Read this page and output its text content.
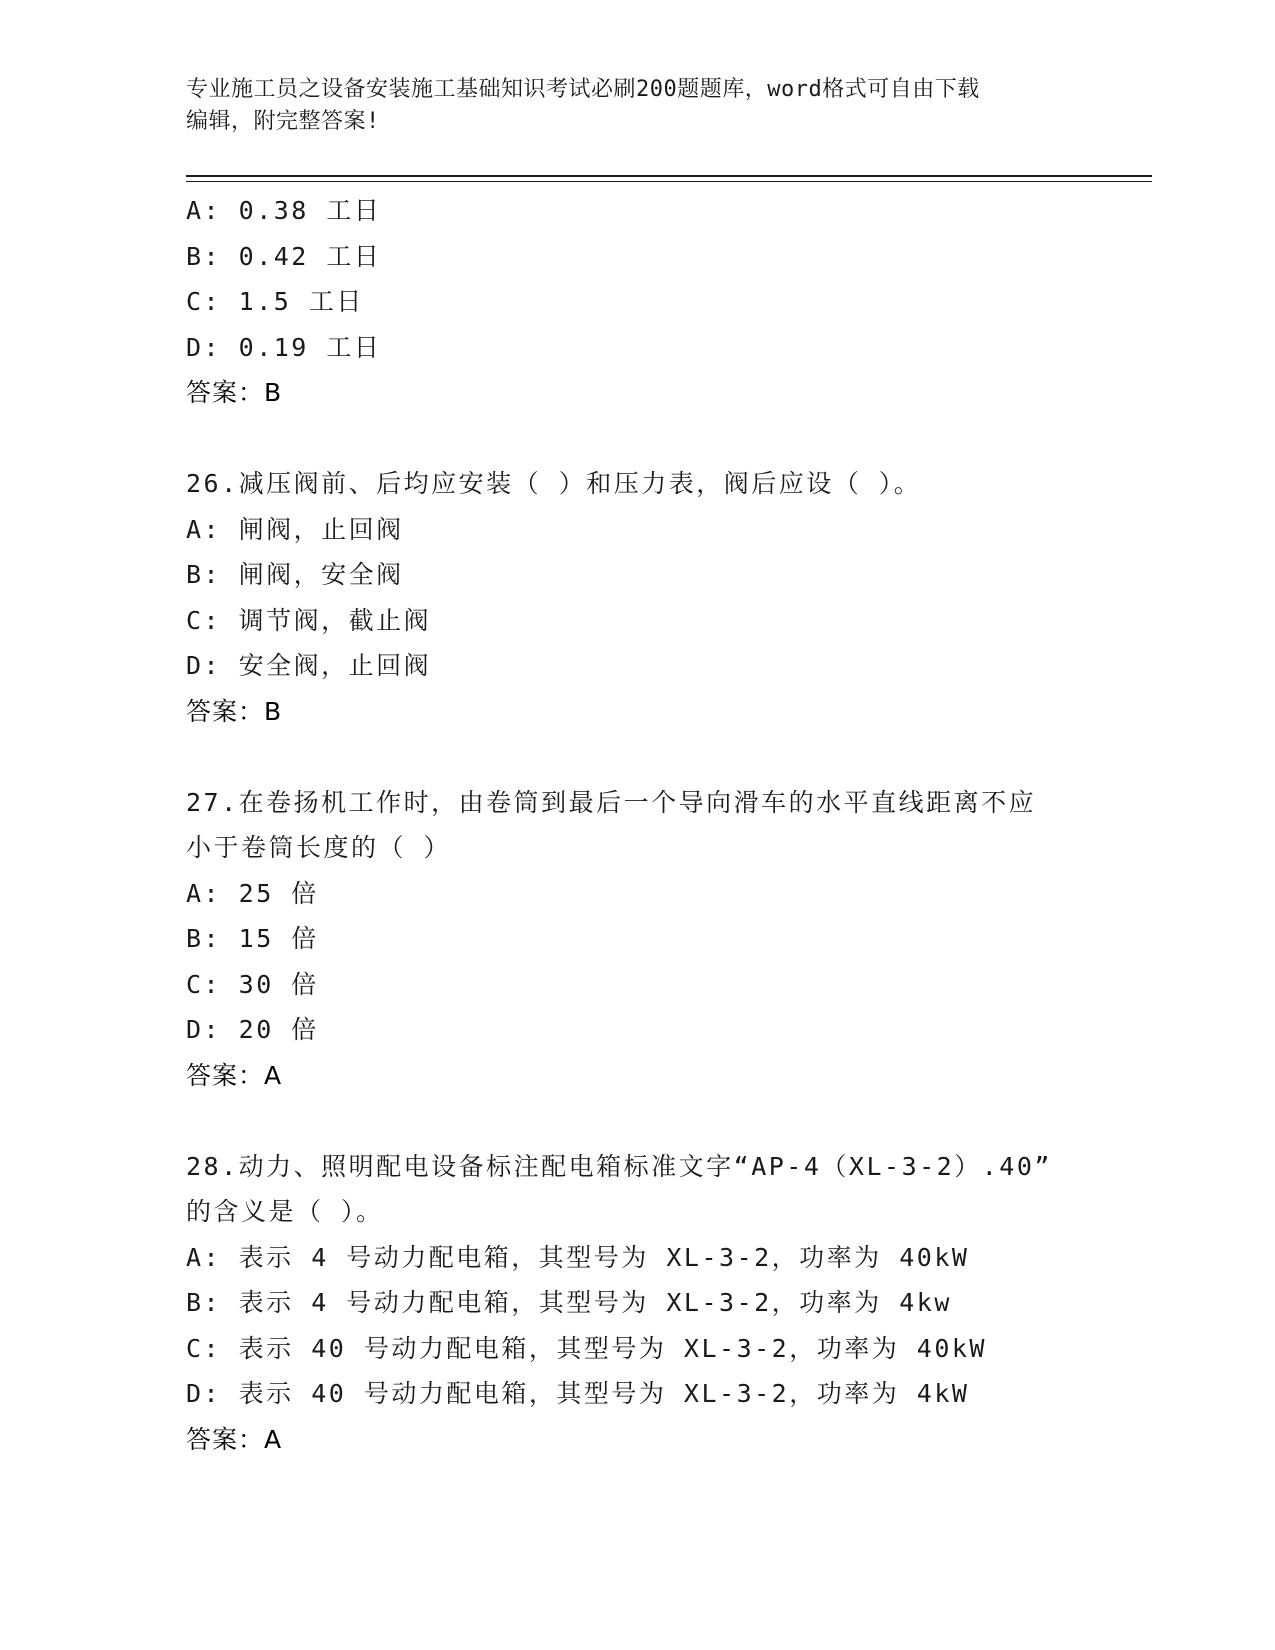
专业施工员之设备安装施工基础知识考试必刷200题题库，word格式可自由下载
编辑，附完整答案!
A: 0.38 工日
B: 0.42 工日
C: 1.5 工日
D: 0.19 工日
答案：B
26.减压阀前、后均应安装（ ）和压力表，阀后应设（ ）。
A: 闸阀，止回阀
B: 闸阀，安全阀
C: 调节阀，截止阀
D: 安全阀，止回阀
答案：B
27.在卷扬机工作时，由卷筒到最后一个导向滑车的水平直线距离不应
小于卷筒长度的（ ）
A: 25 倍
B: 15 倍
C: 30 倍
D: 20 倍
答案：A
28.动力、照明配电设备标注配电箱标准文字“AP-4（XL-3-2）.40”
的含义是（ ）。
A: 表示 4 号动力配电箱，其型号为 XL-3-2，功率为 40kW
B: 表示 4 号动力配电箱，其型号为 XL-3-2，功率为 4kw
C: 表示 40 号动力配电箱，其型号为 XL-3-2，功率为 40kW
D: 表示 40 号动力配电箱，其型号为 XL-3-2，功率为 4kW
答案：A
